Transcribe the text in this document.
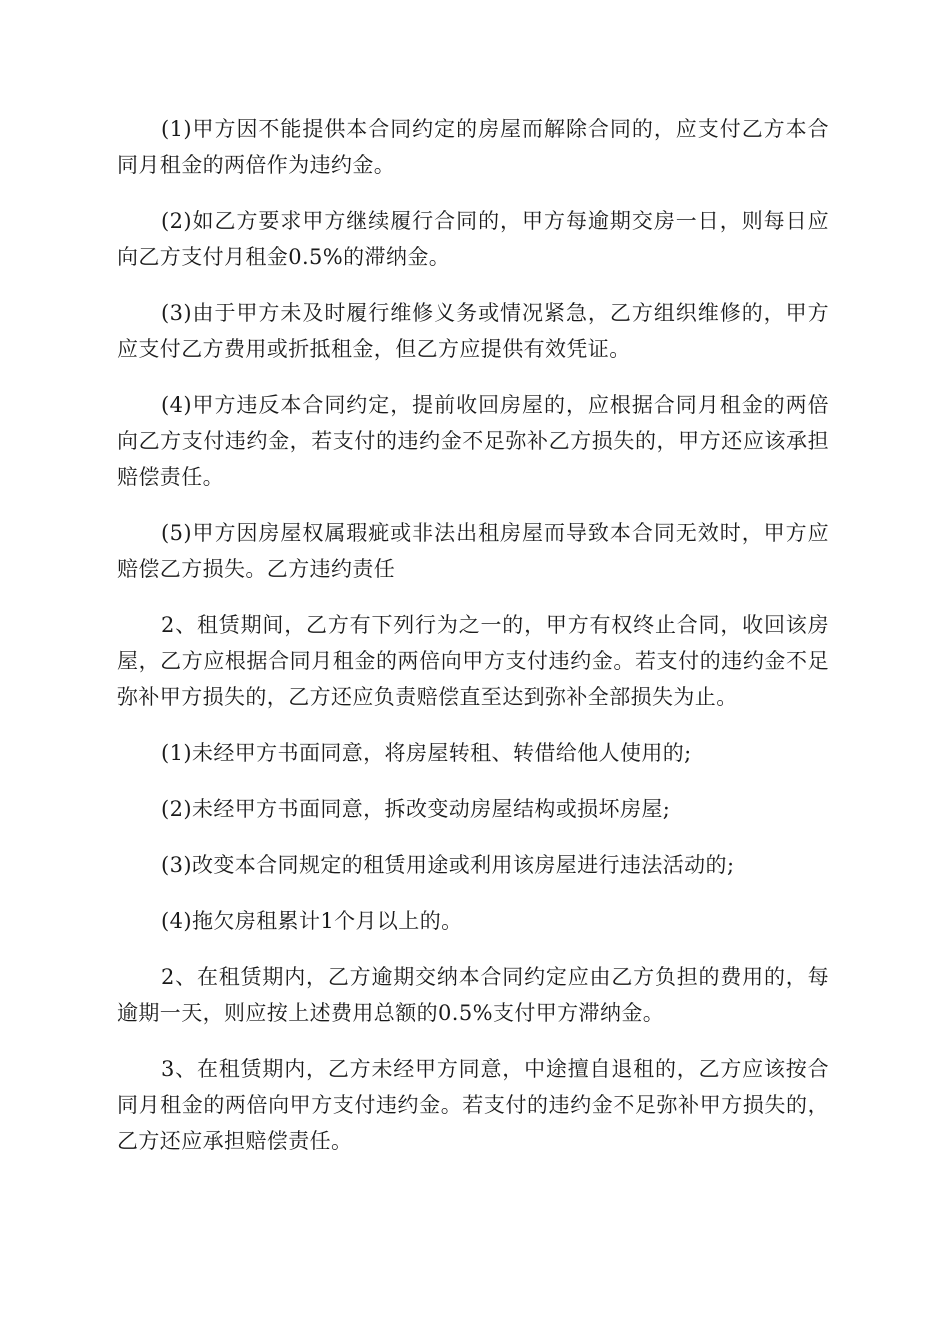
(1)甲方因不能提供本合同约定的房屋而解除合同的，应支付乙方本合同月租金的两倍作为违约金。

(2)如乙方要求甲方继续履行合同的，甲方每逾期交房一日，则每日应向乙方支付月租金0.5%的滞纳金。

(3)由于甲方未及时履行维修义务或情况紧急，乙方组织维修的，甲方应支付乙方费用或折抵租金，但乙方应提供有效凭证。

(4)甲方违反本合同约定，提前收回房屋的，应根据合同月租金的两倍向乙方支付违约金，若支付的违约金不足弥补乙方损失的，甲方还应该承担赔偿责任。

(5)甲方因房屋权属瑕疵或非法出租房屋而导致本合同无效时，甲方应赔偿乙方损失。乙方违约责任

2、租赁期间，乙方有下列行为之一的，甲方有权终止合同，收回该房屋，乙方应根据合同月租金的两倍向甲方支付违约金。若支付的违约金不足弥补甲方损失的，乙方还应负责赔偿直至达到弥补全部损失为止。

(1)未经甲方书面同意，将房屋转租、转借给他人使用的;

(2)未经甲方书面同意，拆改变动房屋结构或损坏房屋;

(3)改变本合同规定的租赁用途或利用该房屋进行违法活动的;

(4)拖欠房租累计1个月以上的。

2、在租赁期内，乙方逾期交纳本合同约定应由乙方负担的费用的，每逾期一天，则应按上述费用总额的0.5%支付甲方滞纳金。

3、在租赁期内，乙方未经甲方同意，中途擅自退租的，乙方应该按合同月租金的两倍向甲方支付违约金。若支付的违约金不足弥补甲方损失的，乙方还应承担赔偿责任。
